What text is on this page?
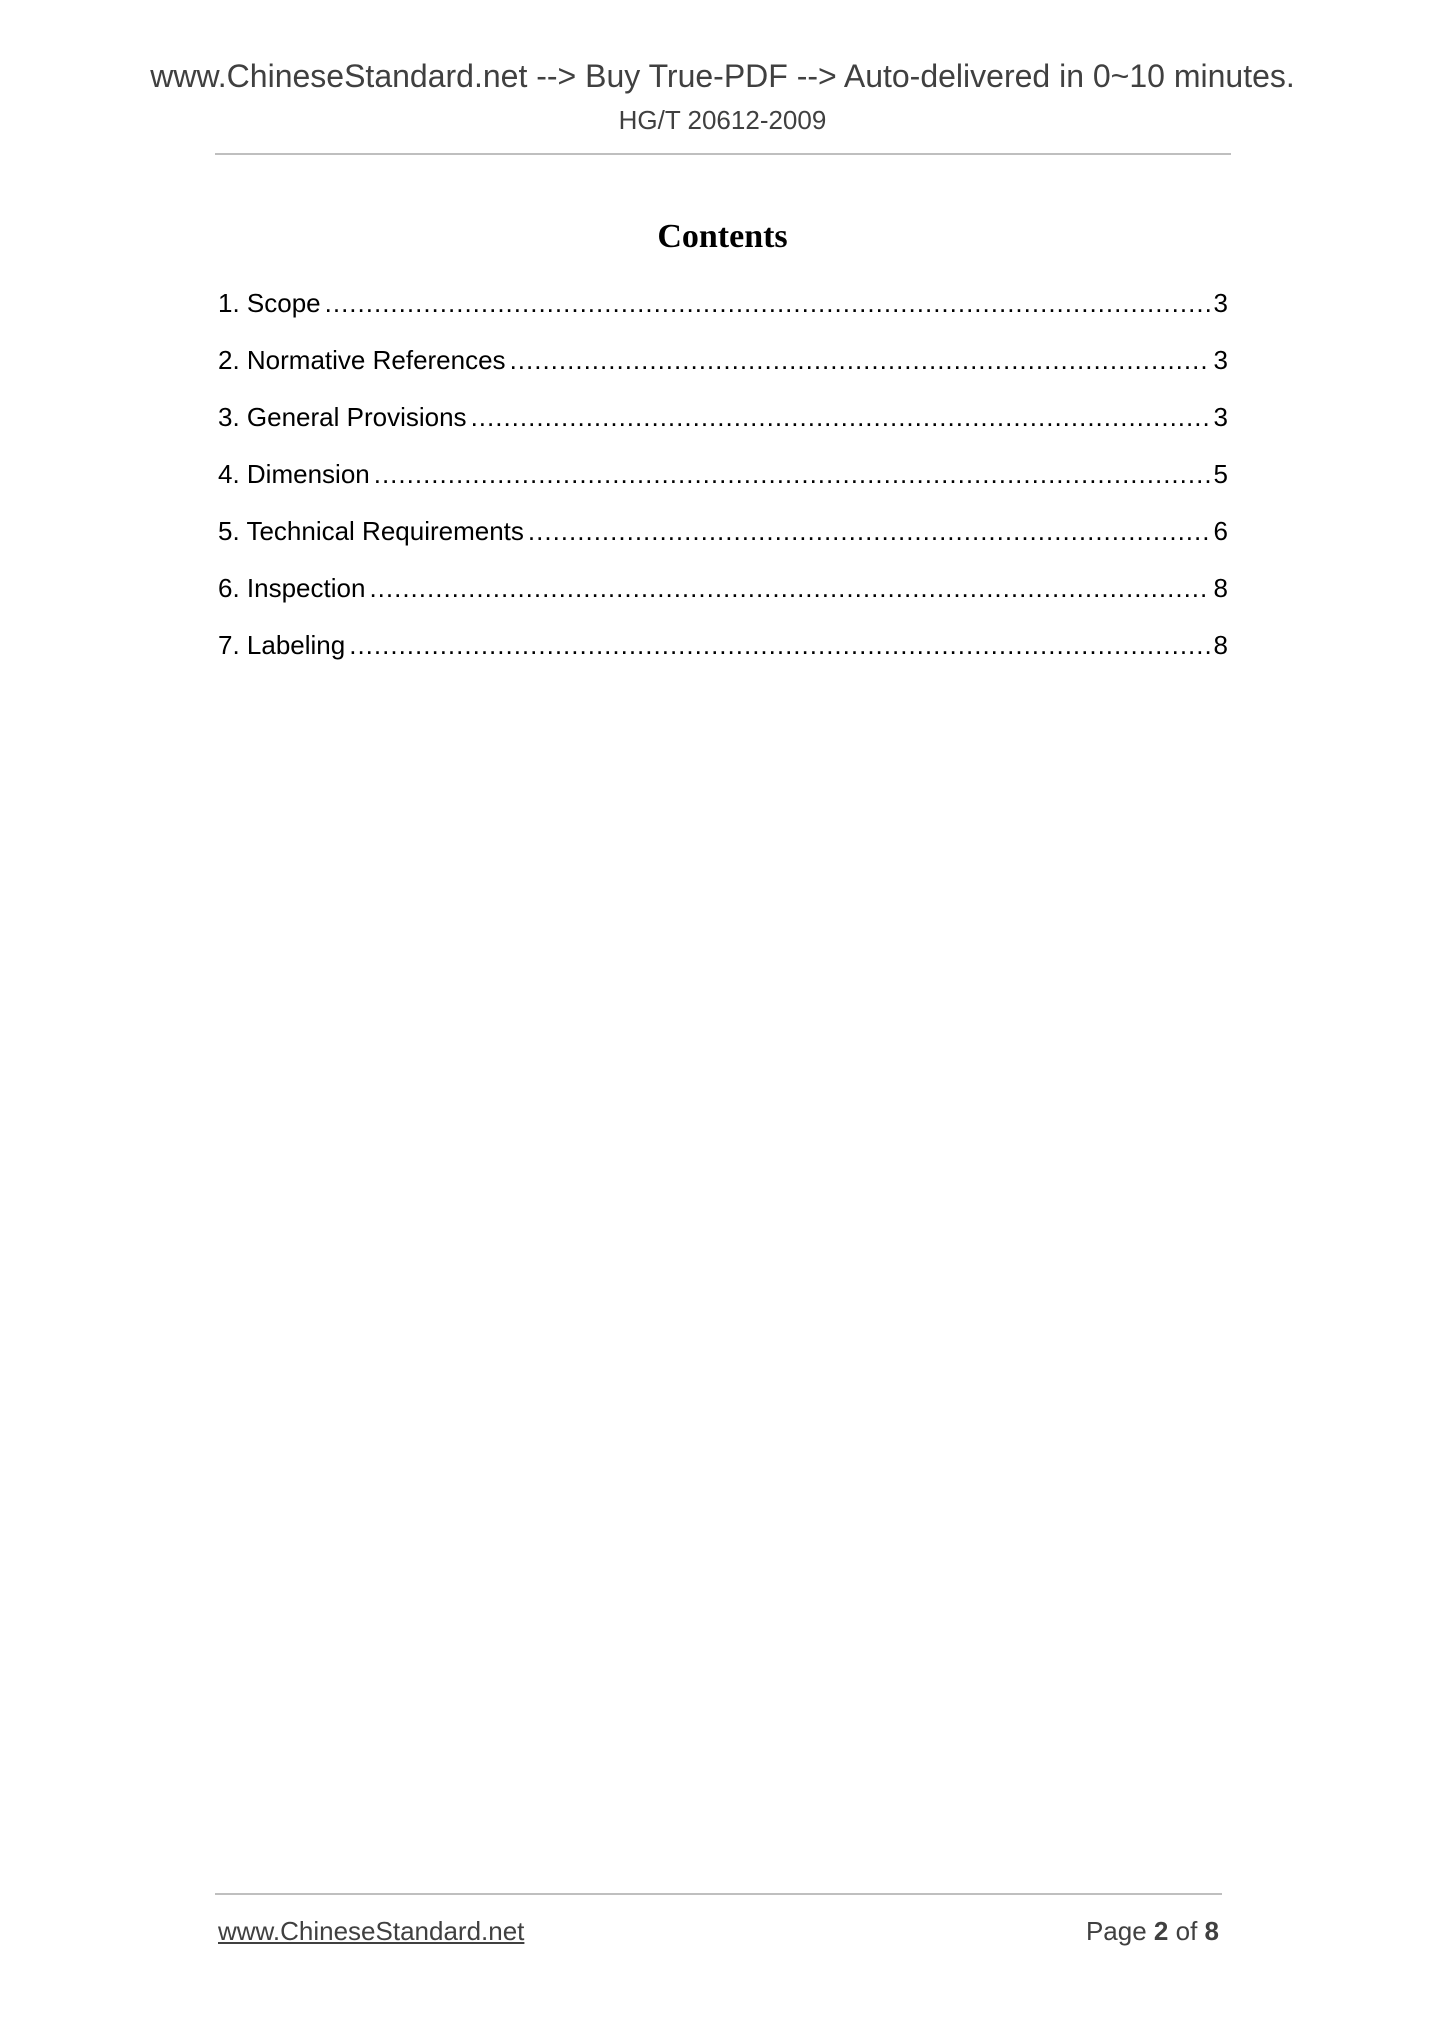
www.ChineseStandard.net --> Buy True-PDF --> Auto-delivered in 0~10 minutes.
HG/T 20612-2009
Contents
1. Scope .....	3
2. Normative References .....	3
3. General Provisions .....	3
4. Dimension .....	5
5. Technical Requirements .....	6
6. Inspection .....	8
7. Labeling .....	8
www.ChineseStandard.net	Page 2 of 8
